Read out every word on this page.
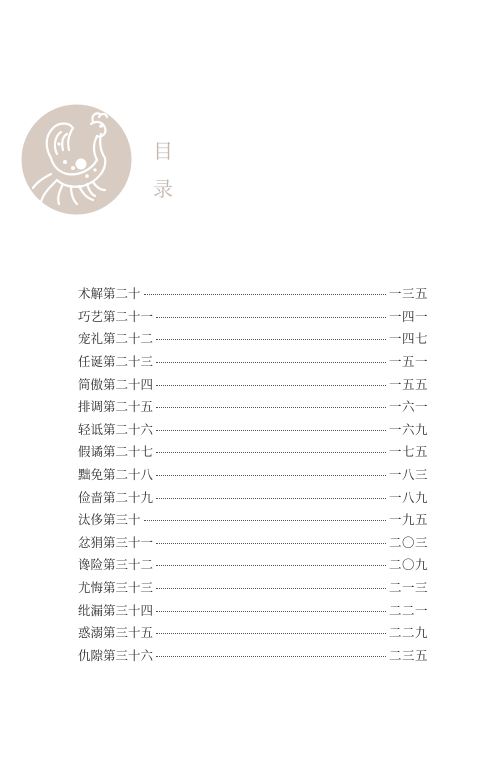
目
录
术解第二十	一三五
巧艺第二十一	一四一
宠礼第二十二	一四七
任诞第二十三	一五一
简傲第二十四	一五五
排调第二十五	一六一
轻诋第二十六	一六九
假谲第二十七	一七五
黜免第二十八	一八三
俭啬第二十九	一八九
汰侈第三十	一九五
忿狷第三十一	二〇三
谗险第三十二	二〇九
尤悔第三十三	二一三
纰漏第三十四	二二一
惑溺第三十五	二二九
仇隙第三十六	二三五
